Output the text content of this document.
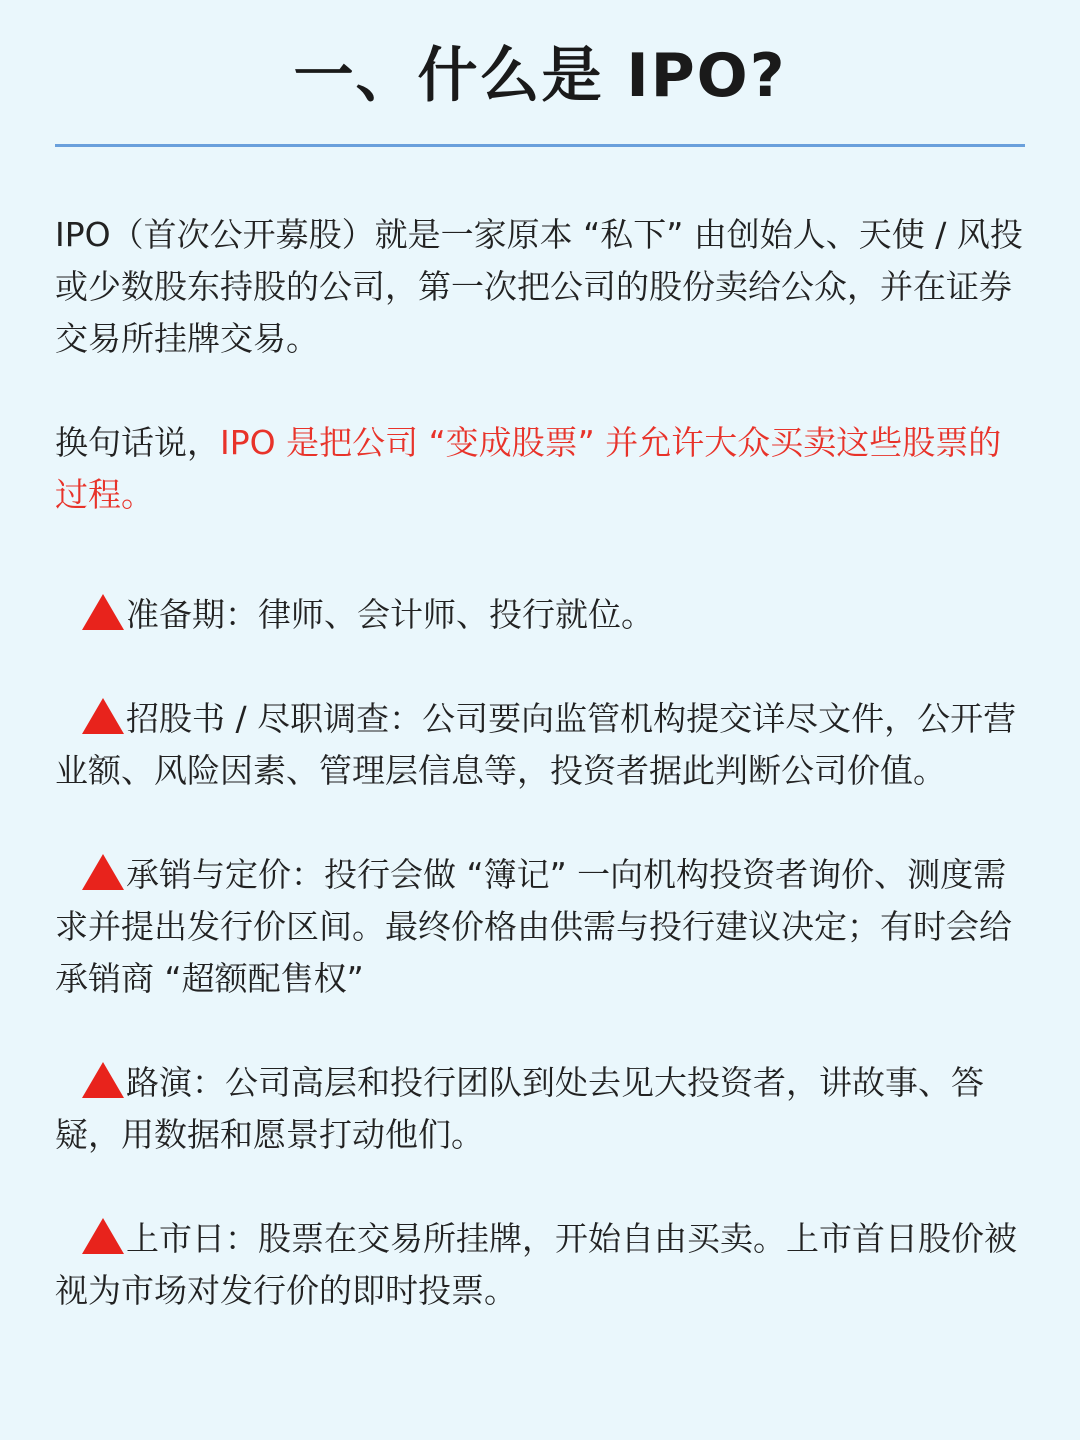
一、什么是 IPO?

IPO（首次公开募股）就是一家原本 “私下” 由创始人、天使 / 风投或少数股东持股的公司，第一次把公司的股份卖给公众，并在证券交易所挂牌交易。

换句话说，IPO 是把公司 “变成股票” 并允许大众买卖这些股票的过程。

准备期：律师、会计师、投行就位。

招股书 / 尽职调查：公司要向监管机构提交详尽文件，公开营业额、风险因素、管理层信息等，投资者据此判断公司价值。

承销与定价：投行会做 “簿记” 一向机构投资者询价、测度需求并提出发行价区间。最终价格由供需与投行建议决定；有时会给承销商 “超额配售权”

路演：公司高层和投行团队到处去见大投资者，讲故事、答疑，用数据和愿景打动他们。

上市日：股票在交易所挂牌，开始自由买卖。上市首日股价被视为市场对发行价的即时投票。
